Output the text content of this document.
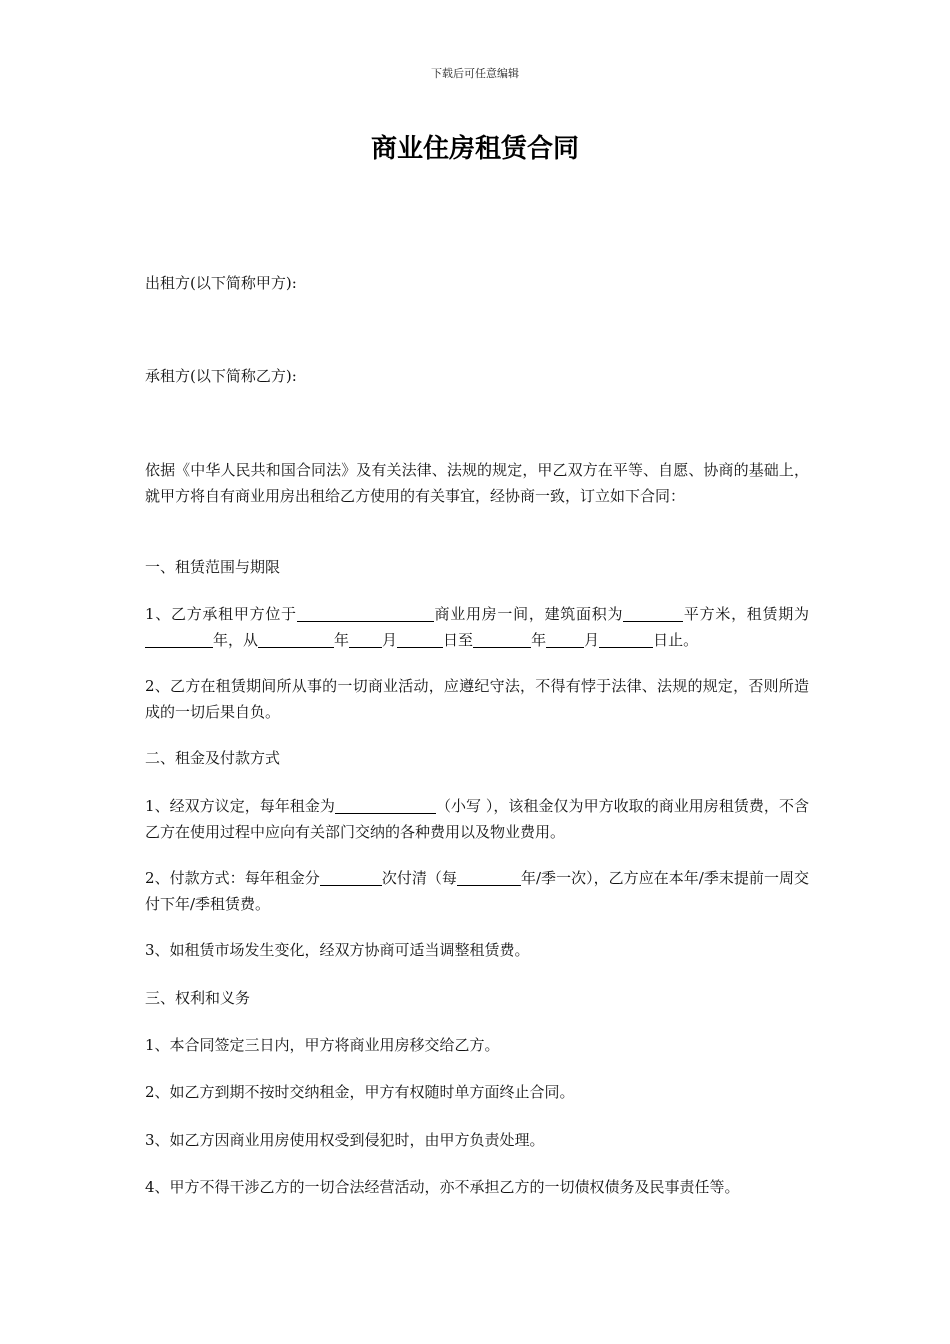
下载后可任意编辑
商业住房租赁合同

出租方(以下简称甲方):

承租方(以下简称乙方):

依据《中华人民共和国合同法》及有关法律、法规的规定，甲乙双方在平等、自愿、协商的基础上，就甲方将自有商业用房出租给乙方使用的有关事宜，经协商一致，订立如下合同：

一、租赁范围与期限

1、乙方承租甲方位于	商业用房一间，建筑面积为	平方米，租赁期为年，从	年 月	日至	年	月	日止。

2、乙方在租赁期间所从事的一切商业活动，应遵纪守法，不得有悖于法律、法规的规定，否则所造成的一切后果自负。

二、租金及付款方式

1、经双方议定，每年租金为	（小写 ），该租金仅为甲方收取的商业用房租赁费，不含乙方在使用过程中应向有关部门交纳的各种费用以及物业费用。

2、付款方式：每年租金分	次付清（每	年/季一次），乙方应在本年/季末提前一周交付下年/季租赁费。

3、如租赁市场发生变化，经双方协商可适当调整租赁费。

三、权利和义务

1、本合同签定三日内，甲方将商业用房移交给乙方。

2、如乙方到期不按时交纳租金，甲方有权随时单方面终止合同。

3、如乙方因商业用房使用权受到侵犯时，由甲方负责处理。

4、甲方不得干涉乙方的一切合法经营活动，亦不承担乙方的一切债权债务及民事责任等。
